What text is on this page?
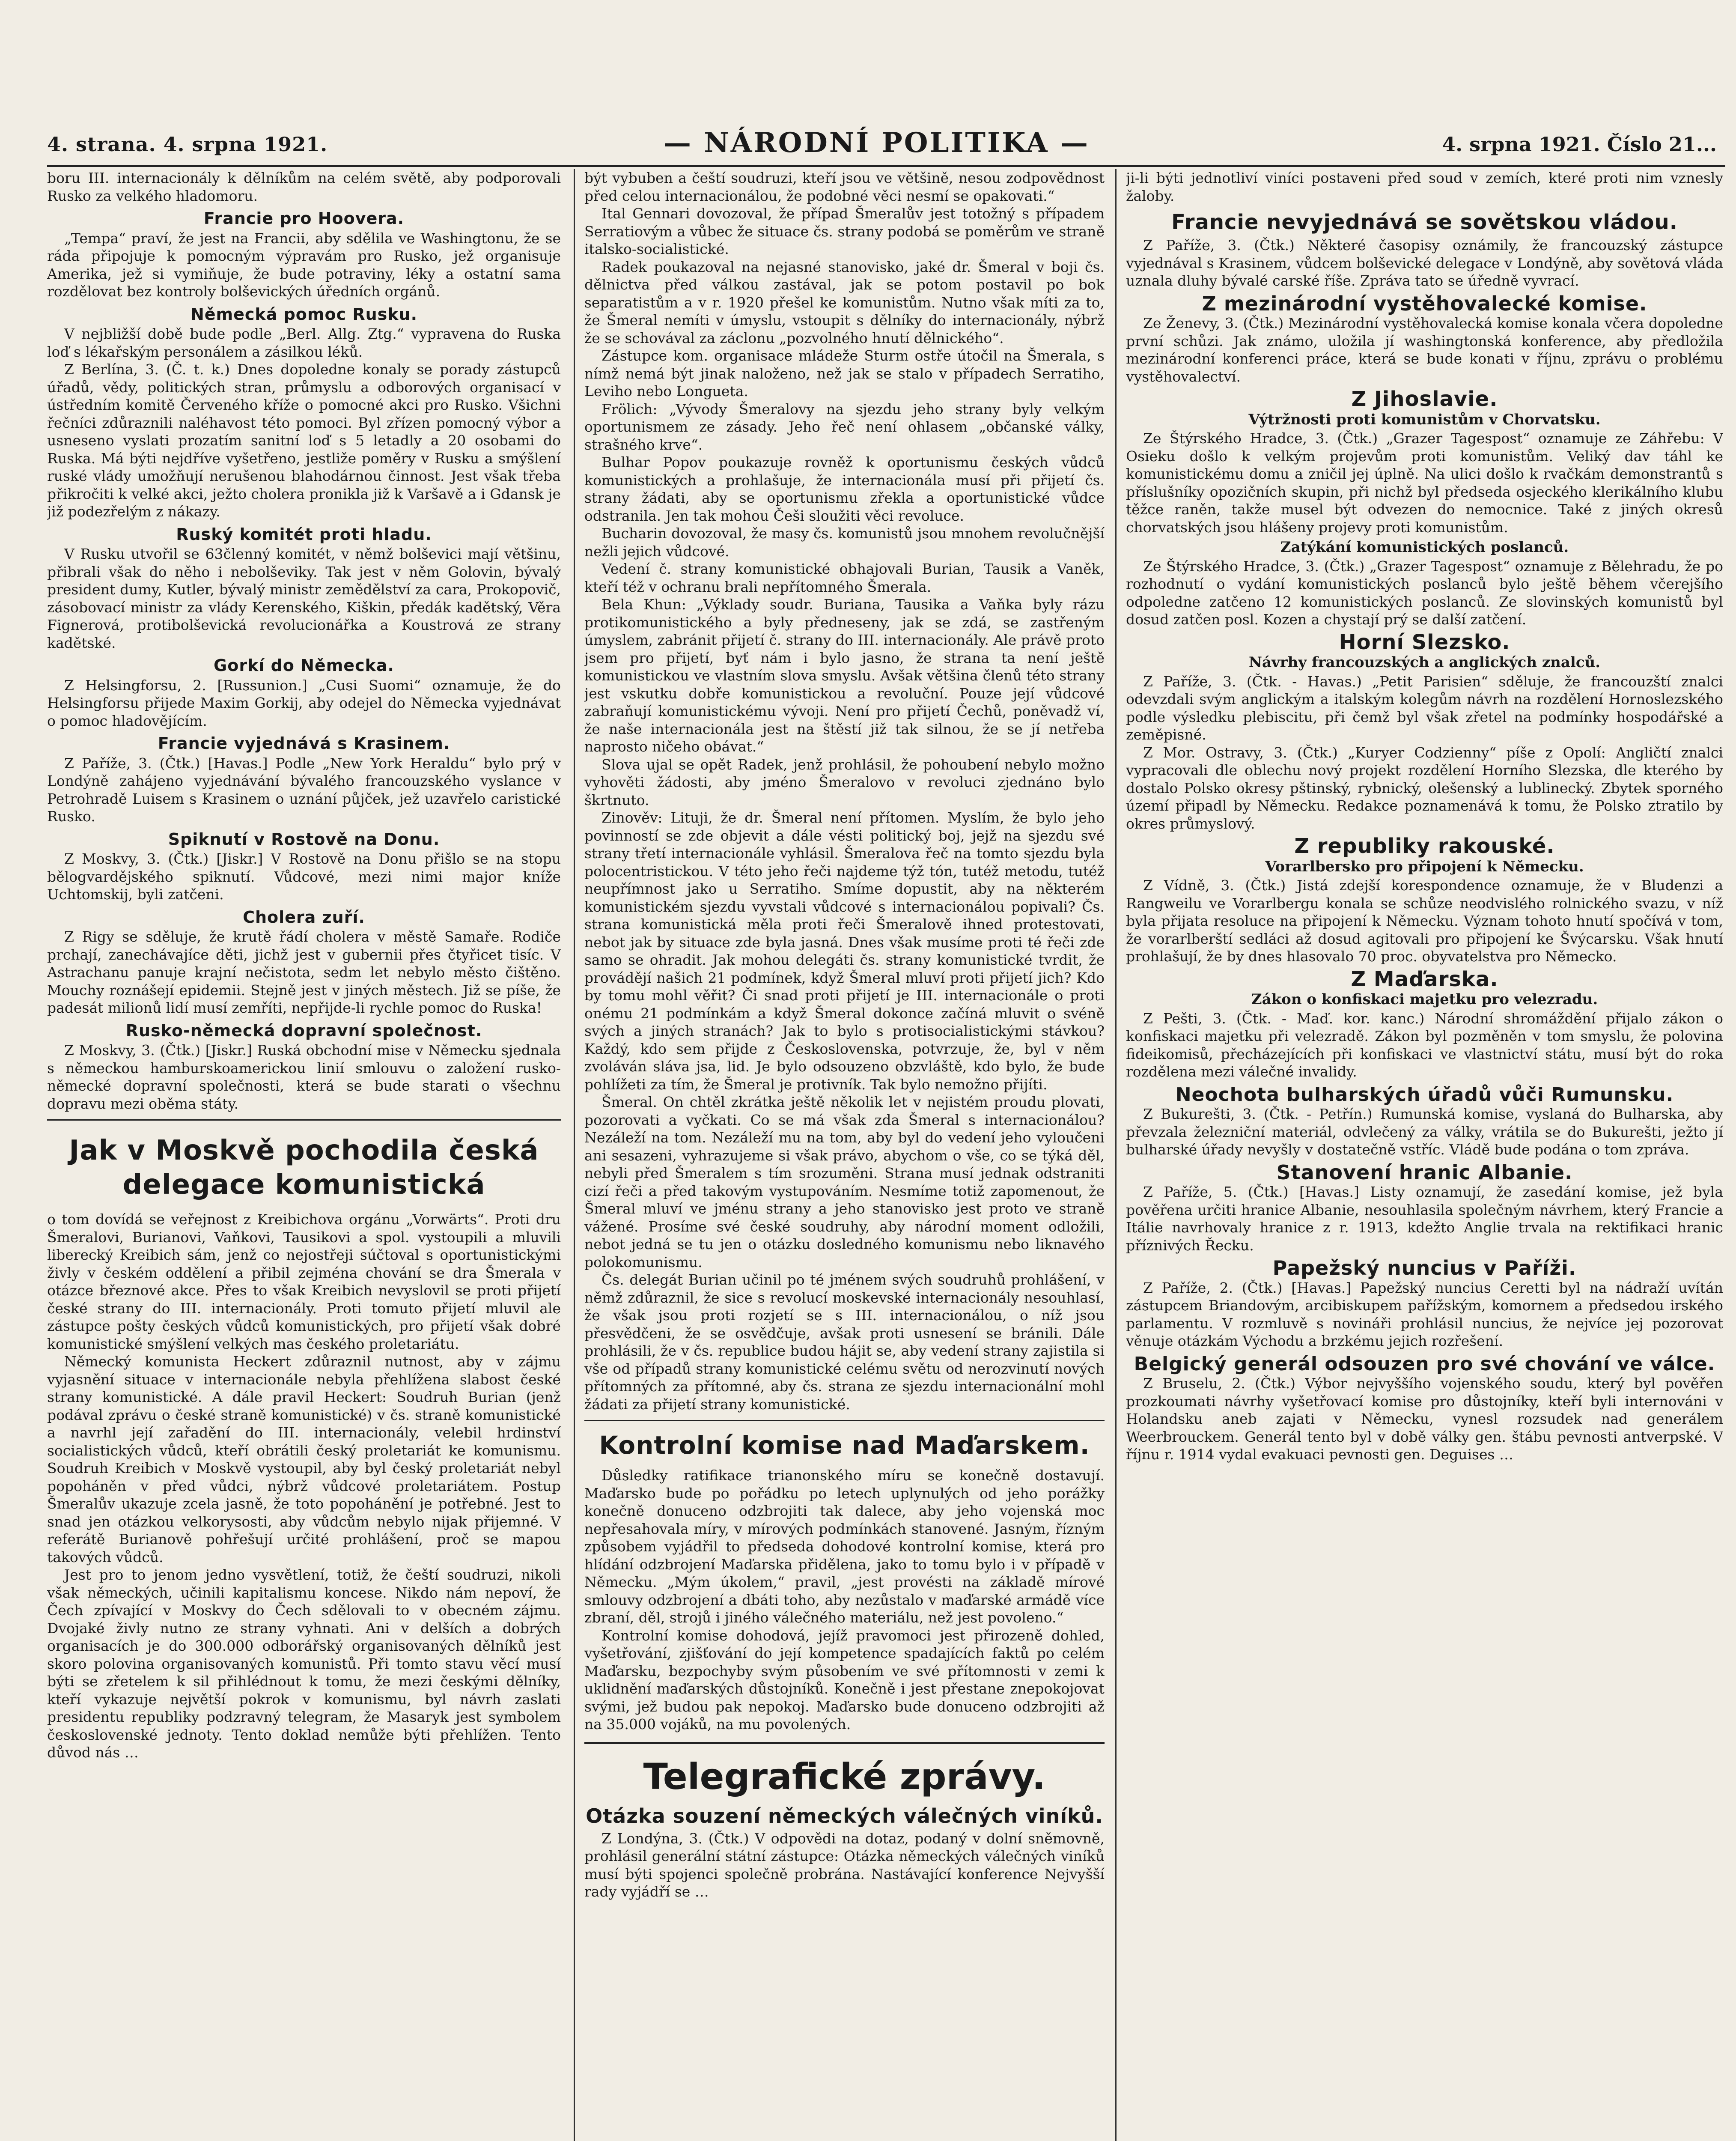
4. strana. 4. srpna 1921.	— NÁRODNÍ POLITIKA —	4. srpna 1921. Číslo 21...

boru III. internacionály k dělníkům na celém světě, aby podporovali Rusko za velkého hladomoru.

Francie pro Hoovera.

„Tempa“ praví, že jest na Francii, aby sdělila ve Washingtonu, že se ráda připojuje k pomocným výpravám pro Rusko, jež organisuje Amerika, jež si vymiňuje, že bude potraviny, léky a ostatní sama rozdělovat bez kontroly bolševických úředních orgánů.

Německá pomoc Rusku.

V nejbližší době bude podle „Berl. Allg. Ztg.“ vypravena do Ruska loď s lékařským personálem a zásilkou léků.

Z Berlína, 3. (Č. t. k.) Dnes dopoledne konaly se porady zástupců úřadů, vědy, politických stran, průmyslu a odborových organisací v ústředním komitě Červeného kříže o pomocné akci pro Rusko. Všichni řečníci zdůraznili naléhavost této pomoci. Byl zřízen pomocný výbor a usneseno vyslati prozatím sanitní loď s 5 letadly a 20 osobami do Ruska. Má býti nejdříve vyšetřeno, jestliže poměry v Rusku a smýšlení ruské vlády umožňují nerušenou blahodárnou činnost. Jest však třeba přikročiti k velké akci, ježto cholera pronikla již k Varšavě a i Gdansk je již podezřelým z nákazy.

Ruský komitét proti hladu.

V Rusku utvořil se 63členný komitét, v němž bolševici mají většinu, přibrali však do něho i nebolševiky. Tak jest v něm Golovin, bývalý president dumy, Kutler, bývalý ministr zemědělství za cara, Prokopovič, zásobovací ministr za vlády Kerenského, Kiškin, předák kadětský, Věra Fignerová, protibolševická revolucionářka a Koustrová ze strany kadětské.

Gorkí do Německa.

Z Helsingforsu, 2. [Russunion.] „Cusi Suomi“ oznamuje, že do Helsingforsu přijede Maxim Gorkij, aby odejel do Německa vyjednávat o pomoc hladovějícím.

Francie vyjednává s Krasinem.

Z Paříže, 3. (Čtk.) [Havas.] Podle „New York Heraldu“ bylo prý v Londýně zahájeno vyjednávání bývalého francouzského vyslance v Petrohradě Luisem s Krasinem o uznání půjček, jež uzavřelo caristické Rusko.

Spiknutí v Rostově na Donu.

Z Moskvy, 3. (Čtk.) [Jiskr.] V Rostově na Donu přišlo se na stopu bělogvardějského spiknutí. Vůdcové, mezi nimi major kníže Uchtomskij, byli zatčeni.

Cholera zuří.

Z Rigy se sděluje, že krutě řádí cholera v městě Samaře. Rodiče prchají, zanechávajíce děti, jichž jest v gubernii přes čtyřicet tisíc. V Astrachanu panuje krajní nečistota, sedm let nebylo město čištěno. Mouchy roznášejí epidemii. Stejně jest v jiných městech. Již se píše, že padesát milionů lidí musí zemříti, nepřijde-li rychle pomoc do Ruska!

Rusko-německá dopravní společnost.

Z Moskvy, 3. (Čtk.) [Jiskr.] Ruská obchodní mise v Německu sjednala s německou hamburskoamerickou linií smlouvu o založení rusko-německé dopravní společnosti, která se bude starati o všechnu dopravu mezi oběma státy.

Jak v Moskvě pochodila česká delegace komunistická

o tom dovídá se veřejnost z Kreibichova orgánu „Vorwärts“. Proti dru Šmeralovi, Burianovi, Vaňkovi, Tausikovi a spol. vystoupili a mluvili liberecký Kreibich sám, jenž co nejostřeji súčtoval s oportunistickými živly v českém oddělení a přibil zejména chování se dra Šmerala v otázce březnové akce. Přes to však Kreibich nevyslovil se proti přijetí české strany do III. internacionály. Proti tomuto přijetí mluvil ale zástupce pošty českých vůdců komunistických, pro přijetí však dobré komunistické smýšlení velkých mas českého proletariátu.

Německý komunista Heckert zdůraznil nutnost, aby v zájmu vyjasnění situace v internacionále nebyla přehlížena slabost české strany komunistické. A dále pravil Heckert: Soudruh Burian (jenž podával zprávu o české straně komunistické) v čs. straně komunistické a navrhl její zařadění do III. internacionály, velebil hrdinství socialistických vůdců, kteří obrátili český proletariát ke komunismu. Soudruh Kreibich v Moskvě vystoupil, aby byl český proletariát nebyl popoháněn v před vůdci, nýbrž vůdcové proletariátem. Postup Šmeralův ukazuje zcela jasně, že toto popohánění je potřebné. Jest to snad jen otázkou velkorysosti, aby vůdcům nebylo nijak přijemné. V referátě Burianově pohřešují určité prohlášení, proč se mapou takových vůdců.

Jest pro to jenom jedno vysvětlení, totiž, že čeští soudruzi, nikoli však německých, učinili kapitalismu koncese. Nikdo nám nepoví, že Čech zpívající v Moskvy do Čech sdělovali to v obecném zájmu. Dvojaké živly nutno ze strany vyhnati. Ani v delších a dobrých organisacích je do 300.000 odborářský organisovaných dělníků jest skoro polovina organisovaných komunistů. Při tomto stavu věcí musí býti se zřetelem k sil přihlédnout k tomu, že mezi českými dělníky, kteří vykazuje největší pokrok v komunismu, byl návrh zaslati presidentu republiky podzravný telegram, že Masaryk jest symbolem československé jednoty. Tento doklad nemůže býti přehlížen. Tento důvod nás …

být vybuben a čeští soudruzi, kteří jsou ve většině, nesou zodpovědnost před celou internacionálou, že podobné věci nesmí se opakovati.“

Ital Gennari dovozoval, že případ Šmeralův jest totožný s případem Serratiovým a vůbec že situace čs. strany podobá se poměrům ve straně italsko-socialistické.

Radek poukazoval na nejasné stanovisko, jaké dr. Šmeral v boji čs. dělnictva před válkou zastával, jak se potom postavil po bok separatistům a v r. 1920 přešel ke komunistům. Nutno však míti za to, že Šmeral nemíti v úmyslu, vstoupit s dělníky do internacionály, nýbrž že se schovával za záclonu „pozvolného hnutí dělnického“.

Zástupce kom. organisace mládeže Sturm ostře útočil na Šmerala, s nímž nemá být jinak naloženo, než jak se stalo v případech Serratiho, Leviho nebo Longueta.

Frölich: „Vývody Šmeralovy na sjezdu jeho strany byly velkým oportunismem ze zásady. Jeho řeč není ohlasem „občanské války, strašného krve“.

Bulhar Popov poukazuje rovněž k oportunismu českých vůdců komunistických a prohlašuje, že internacionála musí při přijetí čs. strany žádati, aby se oportunismu zřekla a oportunistické vůdce odstranila. Jen tak mohou Češi sloužiti věci revoluce.

Bucharin dovozoval, že masy čs. komunistů jsou mnohem revolučnější nežli jejich vůdcové.

Vedení č. strany komunistické obhajovali Burian, Tausik a Vaněk, kteří též v ochranu brali nepřítomného Šmerala.

Bela Khun: „Výklady soudr. Buriana, Tausika a Vaňka byly rázu protikomunistického a byly předneseny, jak se zdá, se zastřeným úmyslem, zabránit přijetí č. strany do III. internacionály. Ale právě proto jsem pro přijetí, byť nám i bylo jasno, že strana ta není ještě komunistickou ve vlastním slova smyslu. Avšak většina členů této strany jest vskutku dobře komunistickou a revoluční. Pouze její vůdcové zabraňují komunistickému vývoji. Není pro přijetí Čechů, poněvadž ví, že naše internacionála jest na štěstí již tak silnou, že se jí netřeba naprosto ničeho obávat.“

Slova ujal se opět Radek, jenž prohlásil, že pohoubení nebylo možno vyhověti žádosti, aby jméno Šmeralovo v revoluci zjednáno bylo škrtnuto.

Zinověv: Lituji, že dr. Šmeral není přítomen. Myslím, že bylo jeho povinností se zde objevit a dále vésti politický boj, jejž na sjezdu své strany třetí internacionále vyhlásil. Šmeralova řeč na tomto sjezdu byla polocentristickou. V této jeho řeči najdeme týž tón, tutéž metodu, tutéž neupřímnost jako u Serratiho. Smíme dopustit, aby na některém komunistickém sjezdu vyvstali vůdcové s internacionálou popivali? Čs. strana komunistická měla proti řeči Šmeralově ihned protestovati, nebot jak by situace zde byla jasná. Dnes však musíme proti té řeči zde samo se ohradit. Jak mohou delegáti čs. strany komunistické tvrdit, že provádějí našich 21 podmínek, když Šmeral mluví proti přijetí jich? Kdo by tomu mohl věřit? Či snad proti přijetí je III. internacionále o proti onému 21 podmínkám a když Šmeral dokonce začíná mluvit o svéně svých a jiných stranách? Jak to bylo s protisocialistickými stávkou? Každý, kdo sem přijde z Československa, potvrzuje, že, byl v něm zvoláván sláva jsa, lid. Je bylo odsouzeno obzvláště, kdo bylo, že bude pohlížeti za tím, že Šmeral je protivník. Tak bylo nemožno přijíti.

Šmeral. On chtěl zkrátka ještě několik let v nejistém proudu plovati, pozorovati a vyčkati. Co se má však zda Šmeral s internacionálou? Nezáleží na tom. Nezáleží mu na tom, aby byl do vedení jeho vyloučeni ani sesazeni, vyhrazujeme si však právo, abychom o vše, co se týká děl, nebyli před Šmeralem s tím srozuměni. Strana musí jednak odstraniti cizí řeči a před takovým vystupováním. Nesmíme totiž zapomenout, že Šmeral mluví ve jménu strany a jeho stanovisko jest proto ve straně vážené. Prosíme své české soudruhy, aby národní moment odložili, nebot jedná se tu jen o otázku dosledného komunismu nebo liknavého polokomunismu.

Čs. delegát Burian učinil po té jménem svých soudruhů prohlášení, v němž zdůraznil, že sice s revolucí moskevské internacionály nesouhlasí, že však jsou proti rozjetí se s III. internacionálou, o níž jsou přesvědčeni, že se osvědčuje, avšak proti usnesení se bránili. Dále prohlásili, že v čs. republice budou hájit se, aby vedení strany zajistila si vše od případů strany komunistické celému světu od nerozvinutí nových přítomných za přítomné, aby čs. strana ze sjezdu internacionální mohl žádati za přijetí strany komunistické.

Kontrolní komise nad Maďarskem.

Důsledky ratifikace trianonského míru se konečně dostavují. Maďarsko bude po pořádku po letech uplynulých od jeho porážky konečně donuceno odzbrojiti tak dalece, aby jeho vojenská moc nepřesahovala míry, v mírových podmínkách stanovené. Jasným, řízným způsobem vyjádřil to předseda dohodové kontrolní komise, která pro hlídání odzbrojení Maďarska přidělena, jako to tomu bylo i v případě v Německu. „Mým úkolem,“ pravil, „jest provésti na základě mírové smlouvy odzbrojení a dbáti toho, aby nezůstalo v maďarské armádě více zbraní, děl, strojů i jiného válečného materiálu, než jest povoleno.“

Kontrolní komise dohodová, jejíž pravomoci jest přirozeně dohled, vyšetřování, zjišťování do její kompetence spadajících faktů po celém Maďarsku, bezpochyby svým působením ve své přítomnosti v zemi k uklidnění maďarských důstojníků. Konečně i jest přestane znepokojovat svými, jež budou pak nepokoj. Maďarsko bude donuceno odzbrojiti až na 35.000 vojáků, na mu povolených.

Telegrafické zprávy.
Otázka souzení německých válečných viníků.

Z Londýna, 3. (Čtk.) V odpovědi na dotaz, podaný v dolní sněmovně, prohlásil generální státní zástupce: Otázka německých válečných viníků musí býti spojenci společně probrána. Nastávající konference Nejvyšší rady vyjádří se …

ji-li býti jednotliví viníci postaveni před soud v zemích, které proti nim vznesly žaloby.

Francie nevyjednává se sovětskou vládou.

Z Paříže, 3. (Čtk.) Některé časopisy oznámily, že francouzský zástupce vyjednával s Krasinem, vůdcem bolševické delegace v Londýně, aby sovětová vláda uznala dluhy bývalé carské říše. Zpráva tato se úředně vyvrací.

Z mezinárodní vystěhovalecké komise.

Ze Ženevy, 3. (Čtk.) Mezinárodní vystěhovalecká komise konala včera dopoledne první schůzi. Jak známo, uložila jí washingtonská konference, aby předložila mezinárodní konferenci práce, která se bude konati v říjnu, zprávu o problému vystěhovalectví.

Z Jihoslavie.
Výtržnosti proti komunistům v Chorvatsku.

Ze Štýrského Hradce, 3. (Čtk.) „Grazer Tagespost“ oznamuje ze Záhřebu: V Osieku došlo k velkým projevům proti komunistům. Veliký dav táhl ke komunistickému domu a zničil jej úplně. Na ulici došlo k rvačkám demonstrantů s příslušníky opozičních skupin, při nichž byl předseda osjeckého klerikálního klubu těžce raněn, takže musel být odvezen do nemocnice. Také z jiných okresů chorvatských jsou hlášeny projevy proti komunistům.

Zatýkání komunistických poslanců.

Ze Štýrského Hradce, 3. (Čtk.) „Grazer Tagespost“ oznamuje z Bělehradu, že po rozhodnutí o vydání komunistických poslanců bylo ještě během včerejšího odpoledne zatčeno 12 komunistických poslanců. Ze slovinských komunistů byl dosud zatčen posl. Kozen a chystají prý se další zatčení.

Horní Slezsko.
Návrhy francouzských a anglických znalců.

Z Paříže, 3. (Čtk. - Havas.) „Petit Parisien“ sděluje, že francouzští znalci odevzdali svým anglickým a italským kolegům návrh na rozdělení Hornoslezského podle výsledku plebiscitu, při čemž byl však zřetel na podmínky hospodářské a zeměpisné.

Z Mor. Ostravy, 3. (Čtk.) „Kuryer Codzienny“ píše z Opolí: Angličtí znalci vypracovali dle oblechu nový projekt rozdělení Horního Slezska, dle kterého by dostalo Polsko okresy pštinský, rybnický, olešenský a lublinecký. Zbytek sporného území připadl by Německu. Redakce poznamenává k tomu, že Polsko ztratilo by okres průmyslový.

Z republiky rakouské.
Vorarlbersko pro připojení k Německu.

Z Vídně, 3. (Čtk.) Jistá zdejší korespondence oznamuje, že v Bludenzi a Rangweilu ve Vorarlbergu konala se schůze neodvislého rolnického svazu, v níž byla přijata resoluce na připojení k Německu. Význam tohoto hnutí spočívá v tom, že vorarlberští sedláci až dosud agitovali pro připojení ke Švýcarsku. Však hnutí prohlašují, že by dnes hlasovalo 70 proc. obyvatelstva pro Německo.

Z Maďarska.
Zákon o konfiskaci majetku pro velezradu.

Z Pešti, 3. (Čtk. - Maď. kor. kanc.) Národní shromáždění přijalo zákon o konfiskaci majetku při velezradě. Zákon byl pozměněn v tom smyslu, že polovina fideikomisů, přecházejících při konfiskaci ve vlastnictví státu, musí být do roka rozdělena mezi válečné invalidy.

Neochota bulharských úřadů vůči Rumunsku.

Z Bukurešti, 3. (Čtk. - Petřín.) Rumunská komise, vyslaná do Bulharska, aby převzala železniční materiál, odvlečený za války, vrátila se do Bukurešti, ježto jí bulharské úřady nevyšly v dostatečně vstříc. Vládě bude podána o tom zpráva.

Stanovení hranic Albanie.

Z Paříže, 5. (Čtk.) [Havas.] Listy oznamují, že zasedání komise, jež byla pověřena určiti hranice Albanie, nesouhlasila společným návrhem, který Francie a Itálie navrhovaly hranice z r. 1913, kdežto Anglie trvala na rektifikaci hranic příznivých Řecku.

Papežský nuncius v Paříži.

Z Paříže, 2. (Čtk.) [Havas.] Papežský nuncius Ceretti byl na nádraží uvítán zástupcem Briandovým, arcibiskupem pařížským, komornem a předsedou irského parlamentu. V rozmluvě s novináři prohlásil nuncius, že nejvíce jej pozorovat věnuje otázkám Východu a brzkému jejich rozřešení.

Belgický generál odsouzen pro své chování ve válce.

Z Bruselu, 2. (Čtk.) Výbor nejvyššího vojenského soudu, který byl pověřen prozkoumati návrhy vyšetřovací komise pro důstojníky, kteří byli internováni v Holandsku aneb zajati v Německu, vynesl rozsudek nad generálem Weerbrouckem. Generál tento byl v době války gen. štábu pevnosti antverpské. V říjnu r. 1914 vydal evakuaci pevnosti gen. Deguises …
